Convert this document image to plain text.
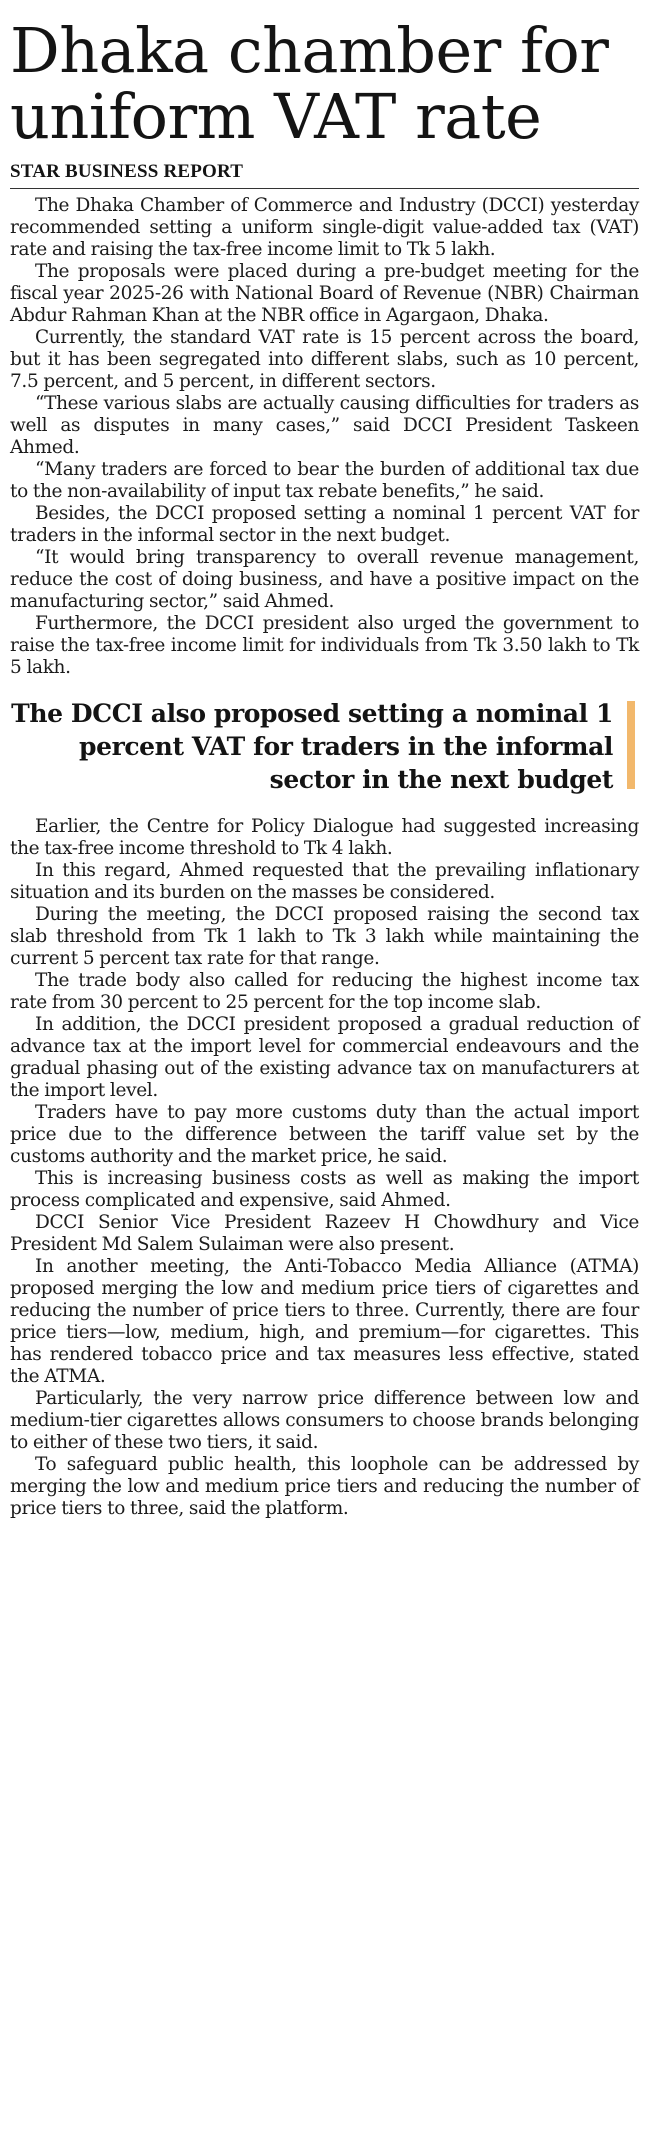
Dhaka chamber for uniform VAT rate
STAR BUSINESS REPORT

The Dhaka Chamber of Commerce and Industry (DCCI) yesterday recommended setting a uniform single-digit value-added tax (VAT) rate and raising the tax-free income limit to Tk 5 lakh.

The proposals were placed during a pre-budget meeting for the fiscal year 2025-26 with National Board of Revenue (NBR) Chairman Abdur Rahman Khan at the NBR office in Agargaon, Dhaka.

Currently, the standard VAT rate is 15 percent across the board, but it has been segregated into different slabs, such as 10 percent, 7.5 percent, and 5 percent, in different sectors.

“These various slabs are actually causing difficulties for traders as well as disputes in many cases,” said DCCI President Taskeen Ahmed.

“Many traders are forced to bear the burden of additional tax due to the non-availability of input tax rebate benefits,” he said.

Besides, the DCCI proposed setting a nominal 1 percent VAT for traders in the informal sector in the next budget.

“It would bring transparency to overall revenue management, reduce the cost of doing business, and have a positive impact on the manufacturing sector,” said Ahmed.

Furthermore, the DCCI president also urged the government to raise the tax-free income limit for individuals from Tk 3.50 lakh to Tk 5 lakh.

The DCCI also proposed setting a nominal 1 percent VAT for traders in the informal sector in the next budget

Earlier, the Centre for Policy Dialogue had suggested increasing the tax-free income threshold to Tk 4 lakh.

In this regard, Ahmed requested that the prevailing inflationary situation and its burden on the masses be considered.

During the meeting, the DCCI proposed raising the second tax slab threshold from Tk 1 lakh to Tk 3 lakh while maintaining the current 5 percent tax rate for that range.

The trade body also called for reducing the highest income tax rate from 30 percent to 25 percent for the top income slab.

In addition, the DCCI president proposed a gradual reduction of advance tax at the import level for commercial endeavours and the gradual phasing out of the existing advance tax on manufacturers at the import level.

Traders have to pay more customs duty than the actual import price due to the difference between the tariff value set by the customs authority and the market price, he said.

This is increasing business costs as well as making the import process complicated and expensive, said Ahmed.

DCCI Senior Vice President Razeev H Chowdhury and Vice President Md Salem Sulaiman were also present.

In another meeting, the Anti-Tobacco Media Alliance (ATMA) proposed merging the low and medium price tiers of cigarettes and reducing the number of price tiers to three. Currently, there are four price tiers—low, medium, high, and premium—for cigarettes. This has rendered tobacco price and tax measures less effective, stated the ATMA.

Particularly, the very narrow price difference between low and medium-tier cigarettes allows consumers to choose brands belonging to either of these two tiers, it said.

To safeguard public health, this loophole can be addressed by merging the low and medium price tiers and reducing the number of price tiers to three, said the platform.
